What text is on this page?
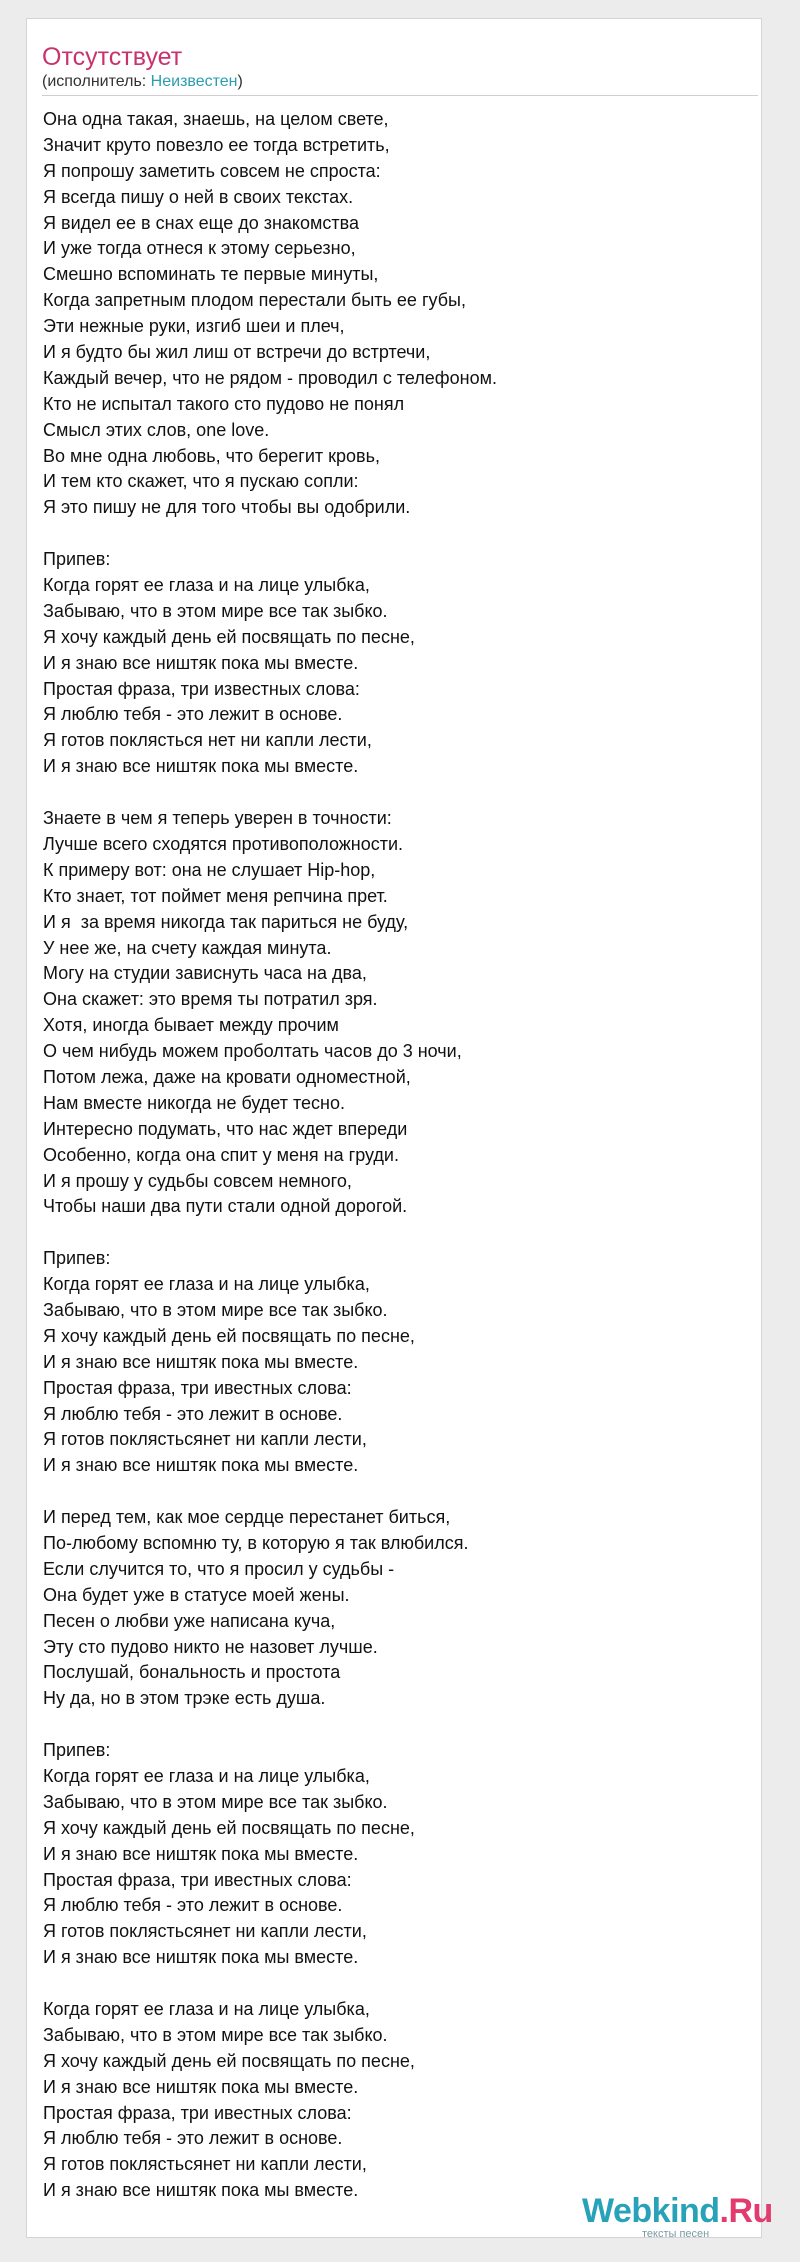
Отсутствует
(исполнитель: Неизвестен)
Она одна такая, знаешь, на целом свете,
Значит круто повезло ее тогда встретить,
Я попрошу заметить совсем не спроста:
Я всегда пишу о ней в своих текстах.
Я видел ее в снах еще до знакомства
И уже тогда отнеся к этому серьезно,
Смешно вспоминать те первые минуты,
Когда запретным плодом перестали быть ее губы,
Эти нежные руки, изгиб шеи и плеч,
И я будто бы жил лиш от встречи до встртечи,
Каждый вечер, что не рядом - проводил с телефоном.
Кто не испытал такого сто пудово не понял
Смысл этих слов, one love.
Во мне одна любовь, что берегит кровь,
И тем кто скажет, что я пускаю сопли:
Я это пишу не для того чтобы вы одобрили.
Припев:
Когда горят ее глаза и на лице улыбка,
Забываю, что в этом мире все так зыбко.
Я хочу каждый день ей посвящать по песне,
И я знаю все ништяк пока мы вместе.
Простая фраза, три известных слова:
Я люблю тебя - это лежит в основе.
Я готов поклясться нет ни капли лести,
И я знаю все ништяк пока мы вместе.
Знаете в чем я теперь уверен в точности:
Лучше всего сходятся противоположности.
К примеру вот: она не слушает Hip-hop,
Кто знает, тот поймет меня репчина прет.
И я  за время никогда так париться не буду,
У нее же, на счету каждая минута.
Могу на студии зависнуть часа на два,
Она скажет: это время ты потратил зря.
Хотя, иногда бывает между прочим
О чем нибудь можем проболтать часов до 3 ночи,
Потом лежа, даже на кровати одноместной,
Нам вместе никогда не будет тесно.
Интересно подумать, что нас ждет впереди
Особенно, когда она спит у меня на груди.
И я прошу у судьбы совсем немного,
Чтобы наши два пути стали одной дорогой.
Припев:
Когда горят ее глаза и на лице улыбка,
Забываю, что в этом мире все так зыбко.
Я хочу каждый день ей посвящать по песне,
И я знаю все ништяк пока мы вместе.
Простая фраза, три ивестных слова:
Я люблю тебя - это лежит в основе.
Я готов поклястьсянет ни капли лести,
И я знаю все ништяк пока мы вместе.
И перед тем, как мое сердце перестанет биться,
По-любому вспомню ту, в которую я так влюбился.
Если случится то, что я просил у судьбы -
Она будет уже в статусе моей жены.
Песен о любви уже написана куча,
Эту сто пудово никто не назовет лучше.
Послушай, бональность и простота
Ну да, но в этом трэке есть душа.
Припев:
Когда горят ее глаза и на лице улыбка,
Забываю, что в этом мире все так зыбко.
Я хочу каждый день ей посвящать по песне,
И я знаю все ништяк пока мы вместе.
Простая фраза, три ивестных слова:
Я люблю тебя - это лежит в основе.
Я готов поклястьсянет ни капли лести,
И я знаю все ништяк пока мы вместе.
Когда горят ее глаза и на лице улыбка,
Забываю, что в этом мире все так зыбко.
Я хочу каждый день ей посвящать по песне,
И я знаю все ништяк пока мы вместе.
Простая фраза, три ивестных слова:
Я люблю тебя - это лежит в основе.
Я готов поклястьсянет ни капли лести,
И я знаю все ништяк пока мы вместе.
Webkind.Ru
тексты песен
